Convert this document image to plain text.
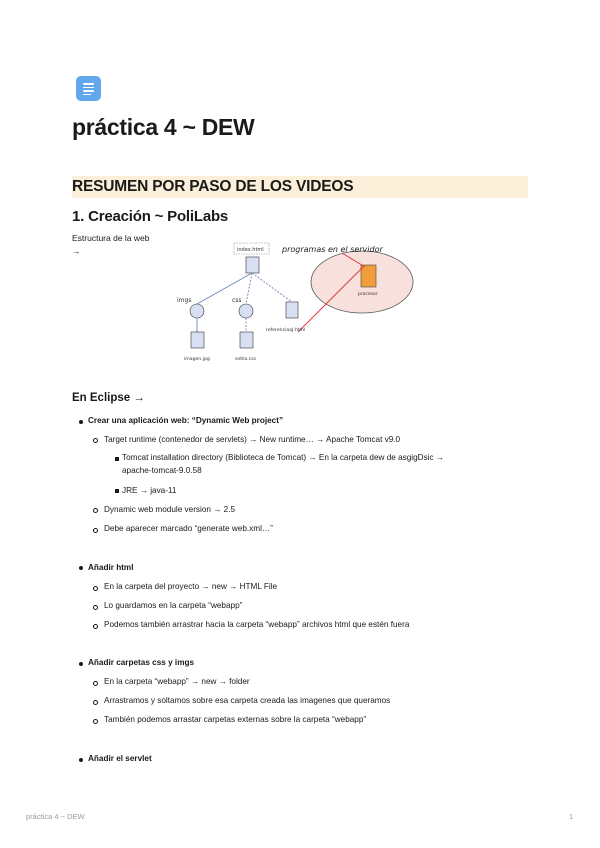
práctica 4 ~ DEW
RESUMEN POR PASO DE LOS VIDEOS
1. Creación ~ PoliLabs
Estructura de la web →	programas en el servidor
procesar
index.html
imgs	css
referenciaaJ.html
imagen.jpg	estilo.css
En Eclipse →
Crear una aplicación web: “Dynamic Web project”
Target runtime (contenedor de servlets) → New runtime… → Apache Tomcat v9.0
Tomcat installation directory (Biblioteca de Tomcat) → En la carpeta dew de asgigDsic →
apache-tomcat-9.0.58
JRE → java-11
Dynamic web module version → 2.5
Debe aparecer marcado “generate web.xml…”
Añadir html
En la carpeta del proyecto → new → HTML File
Lo guardamos en la carpeta “webapp”
Podemos también arrastrar hacia la carpeta “webapp” archivos html que estén fuera
Añadir carpetas css y imgs
En la carpeta “webapp” → new → folder
Arrastramos y soltamos sobre esa carpeta creada las imagenes que queramos
También podemos arrastar carpetas externas sobre la carpeta “webapp”
Añadir el servlet
práctica 4 ~ DEW	1
